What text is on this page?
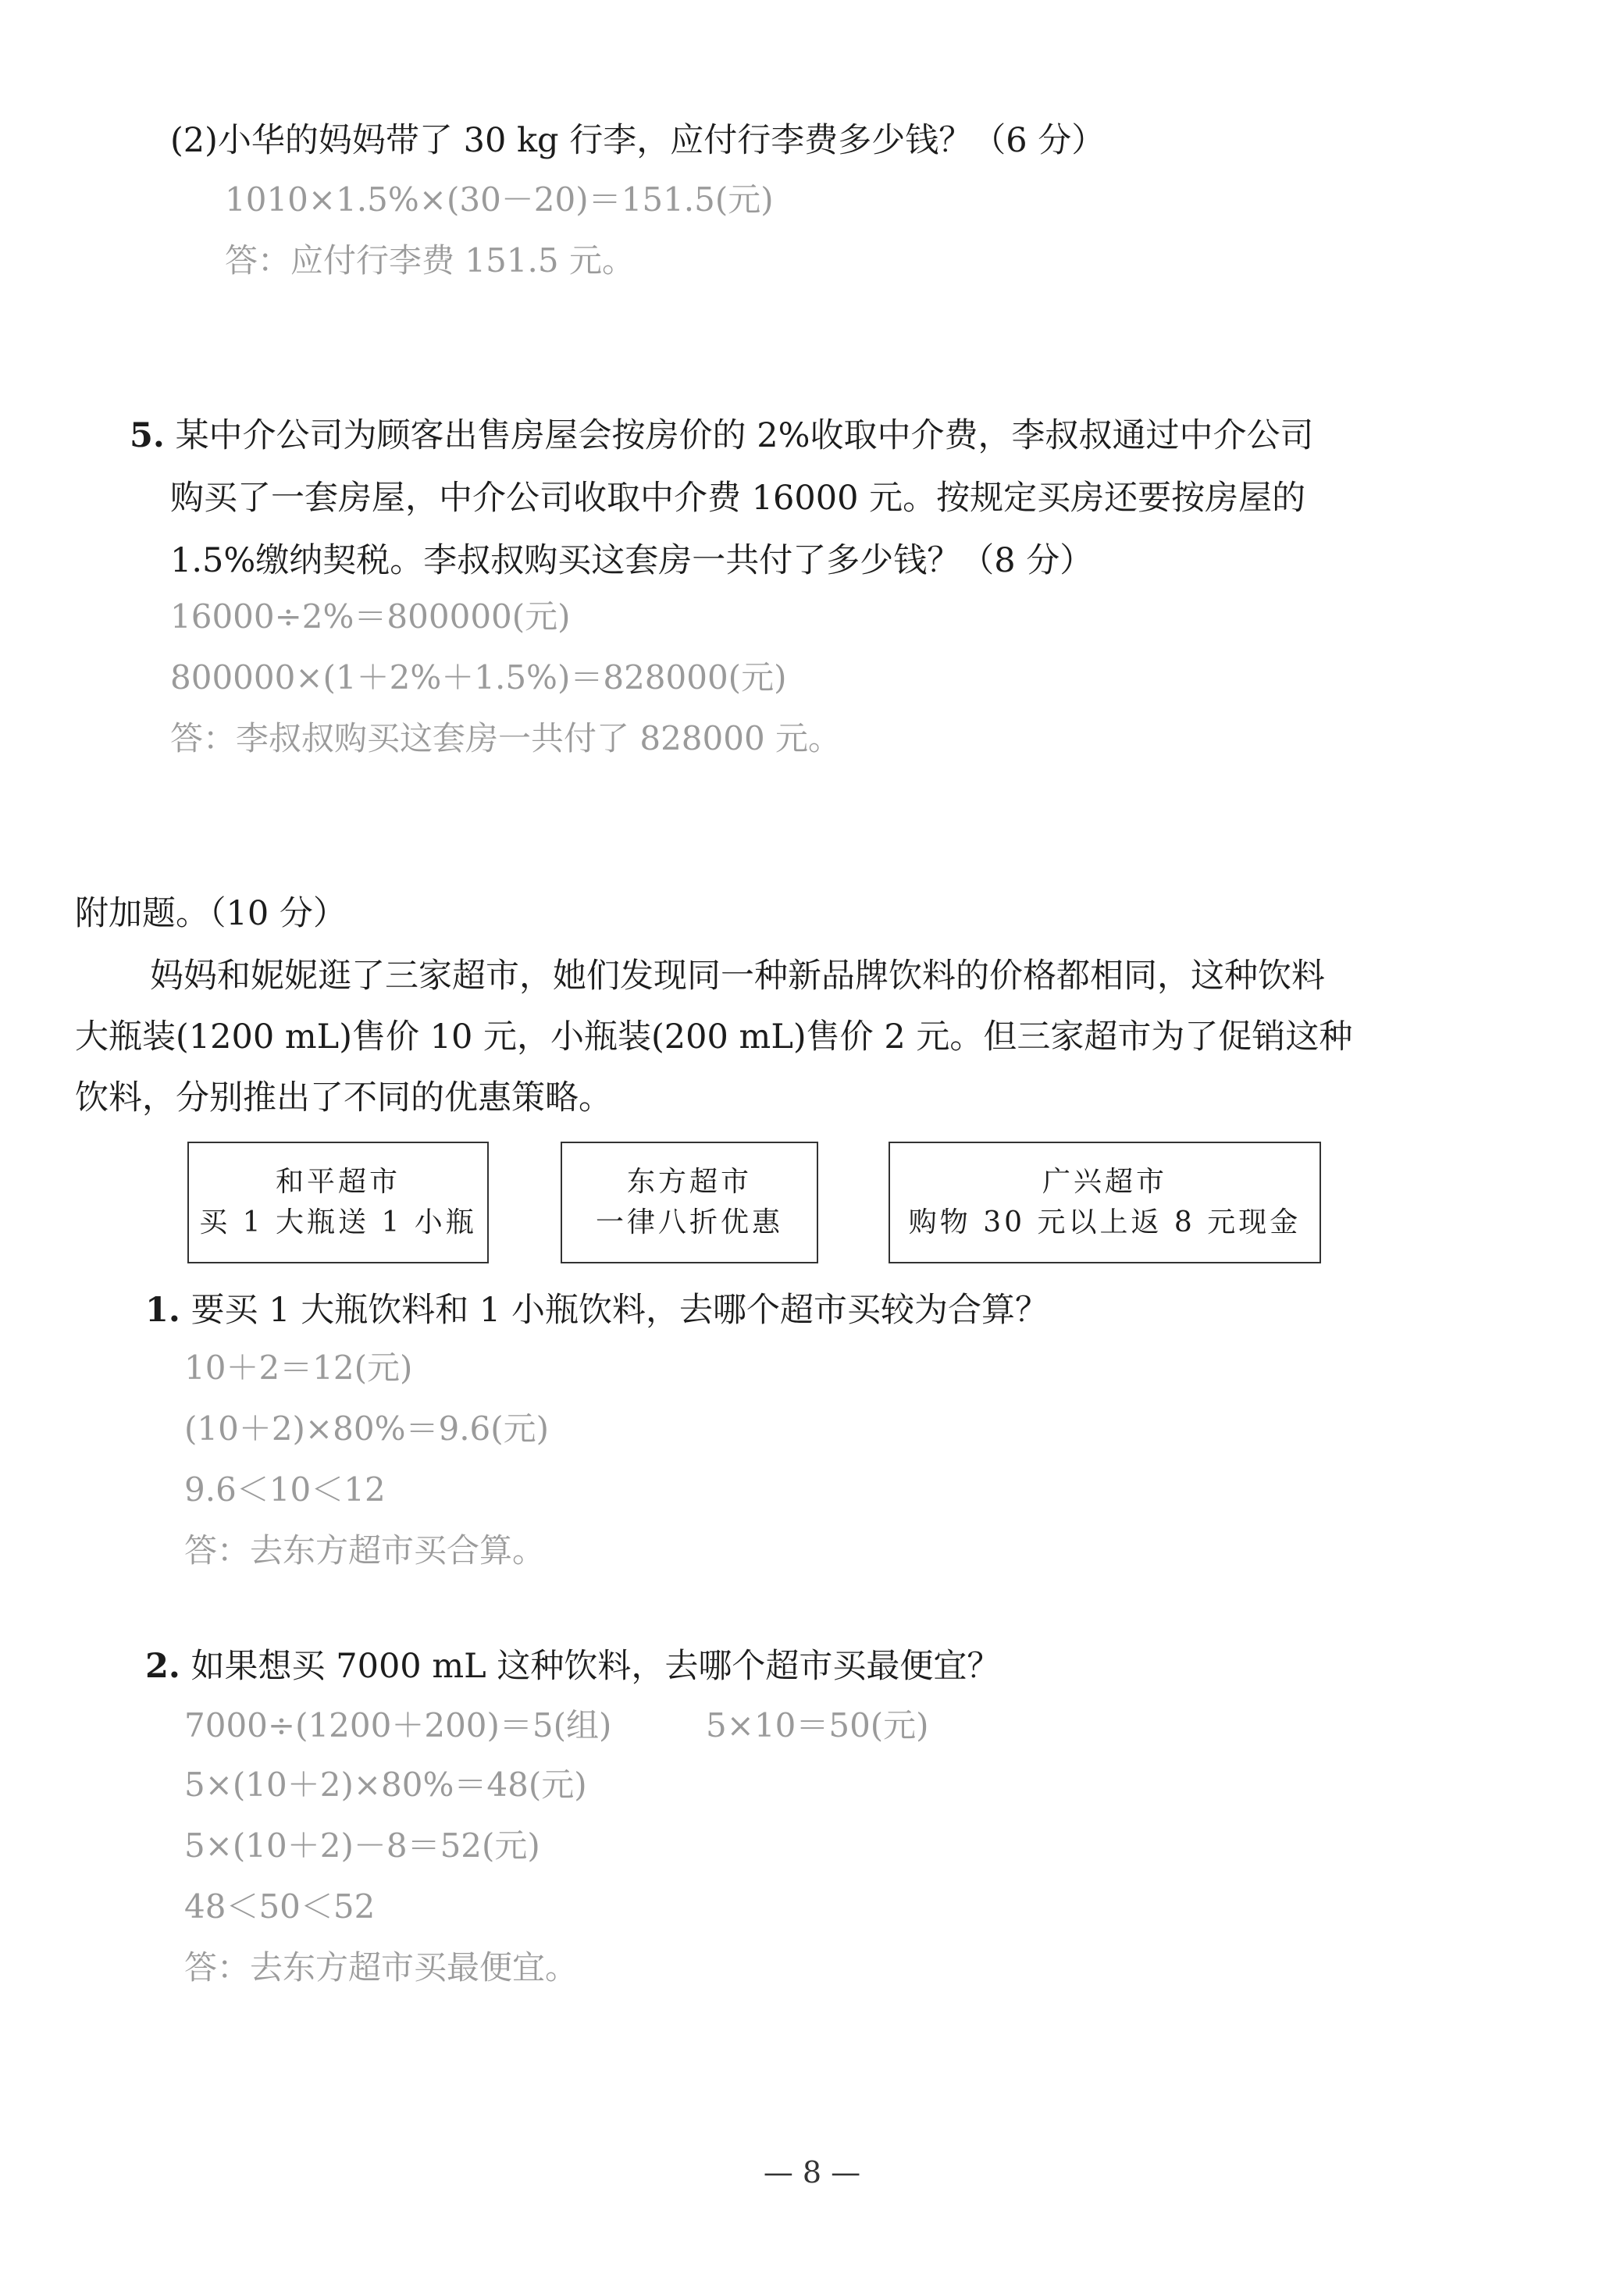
(2)小华的妈妈带了 30 kg 行李，应付行李费多少钱？（6 分）
1010×1.5%×(30－20)＝151.5(元)
答：应付行李费 151.5 元。
5. 某中介公司为顾客出售房屋会按房价的 2%收取中介费，李叔叔通过中介公司
购买了一套房屋，中介公司收取中介费 16000 元。按规定买房还要按房屋的
1.5%缴纳契税。李叔叔购买这套房一共付了多少钱？（8 分）
16000÷2%＝800000(元)
800000×(1＋2%＋1.5%)＝828000(元)
答：李叔叔购买这套房一共付了 828000 元。
附加题。（10 分）
妈妈和妮妮逛了三家超市，她们发现同一种新品牌饮料的价格都相同，这种饮料
大瓶装(1200 mL)售价 10 元，小瓶装(200 mL)售价 2 元。但三家超市为了促销这种
饮料，分别推出了不同的优惠策略。
和平超市
买 1 大瓶送 1 小瓶
东方超市
一律八折优惠
广兴超市
购物 30 元以上返 8 元现金
1. 要买 1 大瓶饮料和 1 小瓶饮料，去哪个超市买较为合算？
10＋2＝12(元)
(10＋2)×80%＝9.6(元)
9.6＜10＜12
答：去东方超市买合算。
2. 如果想买 7000 mL 这种饮料，去哪个超市买最便宜？
7000÷(1200＋200)＝5(组)	5×10＝50(元)
5×(10＋2)×80%＝48(元)
5×(10＋2)－8＝52(元)
48＜50＜52
答：去东方超市买最便宜。
— 8 —
